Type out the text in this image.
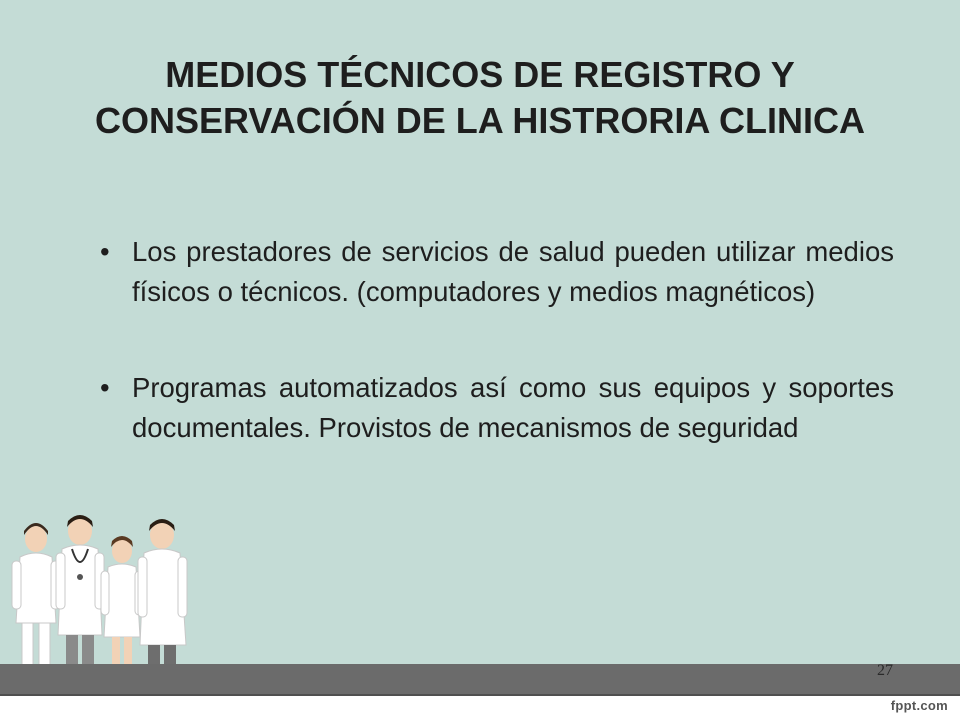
MEDIOS TÉCNICOS DE REGISTRO Y CONSERVACIÓN DE LA HISTRORIA CLINICA
• Los prestadores de servicios de salud pueden utilizar medios físicos o técnicos. (computadores y medios magnéticos)
• Programas automatizados así como sus equipos y soportes documentales. Provistos de mecanismos de seguridad
27
fppt.com
